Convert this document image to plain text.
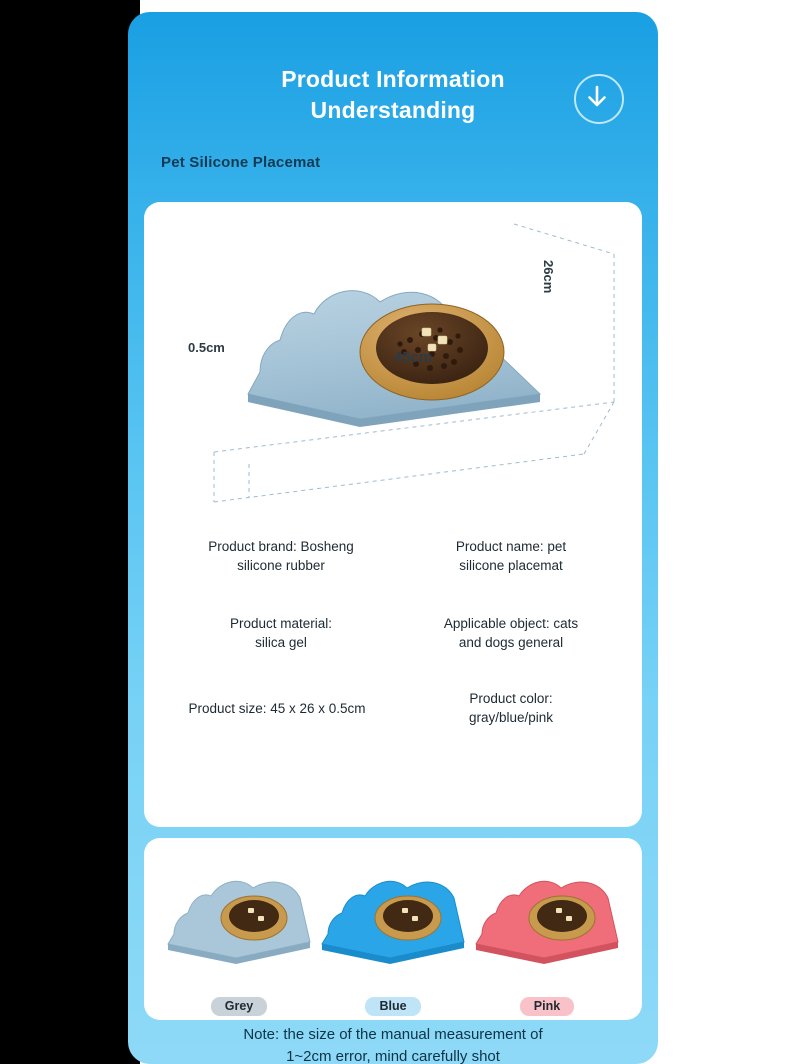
Product Information
Understanding
Pet Silicone Placemat
45cm
0.5cm
26cm
Product brand: Bosheng
silicone rubber
Product name: pet
silicone placemat
Product material:
silica gel
Applicable object: cats
and dogs general
Product size: 45 x 26 x 0.5cm
Product color:
gray/blue/pink
Grey	Blue	Pink
Note: the size of the manual measurement of
1~2cm error, mind carefully shot
